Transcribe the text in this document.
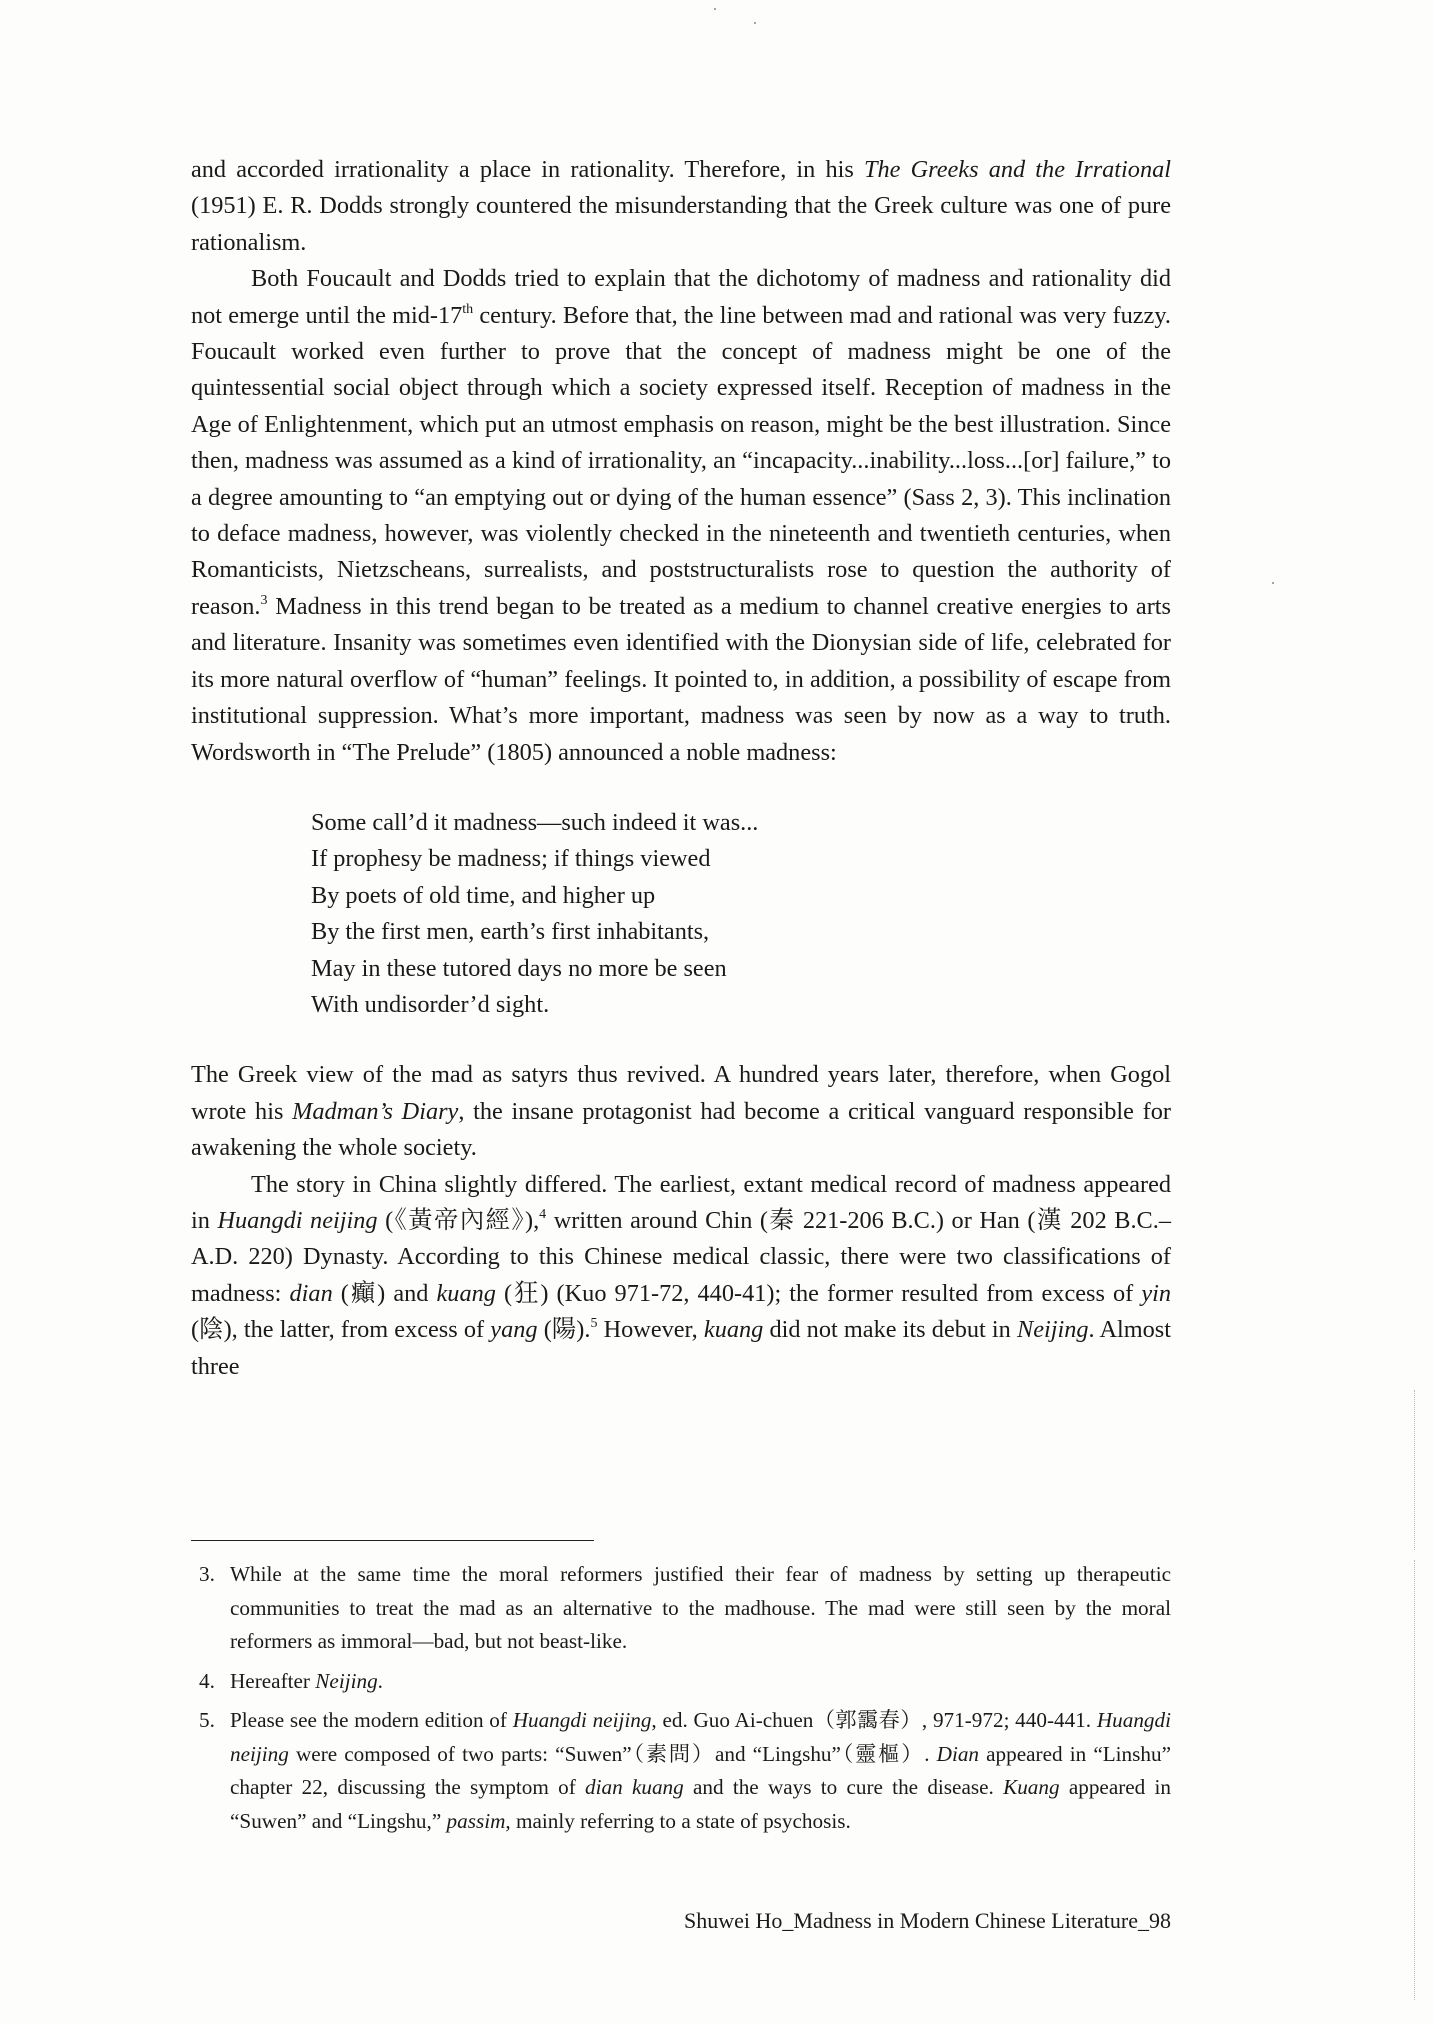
and accorded irrationality a place in rationality. Therefore, in his The Greeks and the Irrational (1951) E. R. Dodds strongly countered the misunderstanding that the Greek culture was one of pure rationalism.

Both Foucault and Dodds tried to explain that the dichotomy of madness and rationality did not emerge until the mid-17th century. Before that, the line between mad and rational was very fuzzy. Foucault worked even further to prove that the concept of madness might be one of the quintessential social object through which a society expressed itself. Reception of madness in the Age of Enlightenment, which put an utmost emphasis on reason, might be the best illustration. Since then, madness was assumed as a kind of irrationality, an “incapacity...inability...loss...[or] failure,” to a degree amounting to “an emptying out or dying of the human essence” (Sass 2, 3). This inclination to deface madness, however, was violently checked in the nineteenth and twentieth centuries, when Romanticists, Nietzscheans, surrealists, and poststructuralists rose to question the authority of reason.$^3$ Madness in this trend began to be treated as a medium to channel creative energies to arts and literature. Insanity was sometimes even identified with the Dionysian side of life, celebrated for its more natural overflow of “human” feelings. It pointed to, in addition, a possibility of escape from institutional suppression. What’s more important, madness was seen by now as a way to truth. Wordsworth in “The Prelude” (1805) announced a noble madness:

Some call’d it madness—such indeed it was...
If prophesy be madness; if things viewed
By poets of old time, and higher up
By the first men, earth’s first inhabitants,
May in these tutored days no more be seen
With undisorder’d sight.

The Greek view of the mad as satyrs thus revived. A hundred years later, therefore, when Gogol wrote his Madman’s Diary, the insane protagonist had become a critical vanguard responsible for awakening the whole society.

The story in China slightly differed. The earliest, extant medical record of madness appeared in Huangdi neijing (《黃帝內經》),$^4$ written around Chin (秦 221-206 B.C.) or Han (漢 202 B.C.–A.D. 220) Dynasty. According to this Chinese medical classic, there were two classifications of madness: dian (癲) and kuang (狂) (Kuo 971-72, 440-41); the former resulted from excess of yin (陰), the latter, from excess of yang (陽).$^5$ However, kuang did not make its debut in Neijing. Almost three

3. While at the same time the moral reformers justified their fear of madness by setting up therapeutic communities to treat the mad as an alternative to the madhouse. The mad were still seen by the moral reformers as immoral—bad, but not beast-like.

4. Hereafter Neijing.

5. Please see the modern edition of Huangdi neijing, ed. Guo Ai-chuen（郭靄春）, 971-972; 440-441. Huangdi neijing were composed of two parts: “Suwen”（素問）and “Lingshu”（靈樞）. Dian appeared in “Linshu” chapter 22, discussing the symptom of dian kuang and the ways to cure the disease. Kuang appeared in “Suwen” and “Lingshu,” passim, mainly referring to a state of psychosis.

Shuwei Ho_Madness in Modern Chinese Literature_98
